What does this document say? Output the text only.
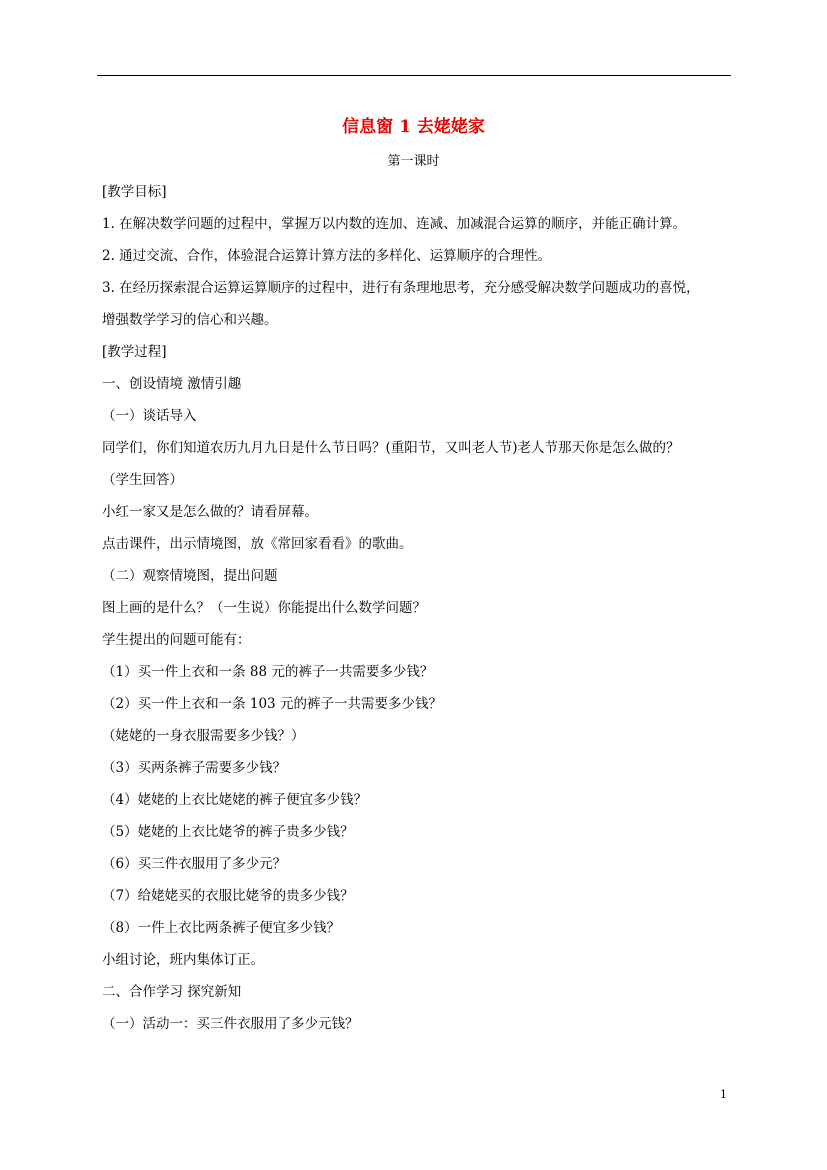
信息窗 1 去姥姥家
第一课时
[教学目标]
1. 在解决数学问题的过程中，掌握万以内数的连加、连减、加减混合运算的顺序，并能正确计算。
2. 通过交流、合作，体验混合运算计算方法的多样化、运算顺序的合理性。
3. 在经历探索混合运算运算顺序的过程中，进行有条理地思考，充分感受解决数学问题成功的喜悦，
增强数学学习的信心和兴趣。
[教学过程]
一、创设情境 激情引趣
（一）谈话导入
同学们，你们知道农历九月九日是什么节日吗？(重阳节，又叫老人节)老人节那天你是怎么做的？
（学生回答）
小红一家又是怎么做的？请看屏幕。
点击课件，出示情境图，放《常回家看看》的歌曲。
（二）观察情境图，提出问题
图上画的是什么？（一生说）你能提出什么数学问题？
学生提出的问题可能有：
（1）买一件上衣和一条 88 元的裤子一共需要多少钱？
（2）买一件上衣和一条 103 元的裤子一共需要多少钱？
（姥姥的一身衣服需要多少钱？）
（3）买两条裤子需要多少钱？
（4）姥姥的上衣比姥姥的裤子便宜多少钱？
（5）姥姥的上衣比姥爷的裤子贵多少钱？
（6）买三件衣服用了多少元？
（7）给姥姥买的衣服比姥爷的贵多少钱？
（8）一件上衣比两条裤子便宜多少钱？
小组讨论，班内集体订正。
二、合作学习 探究新知
（一）活动一：买三件衣服用了多少元钱？
1
